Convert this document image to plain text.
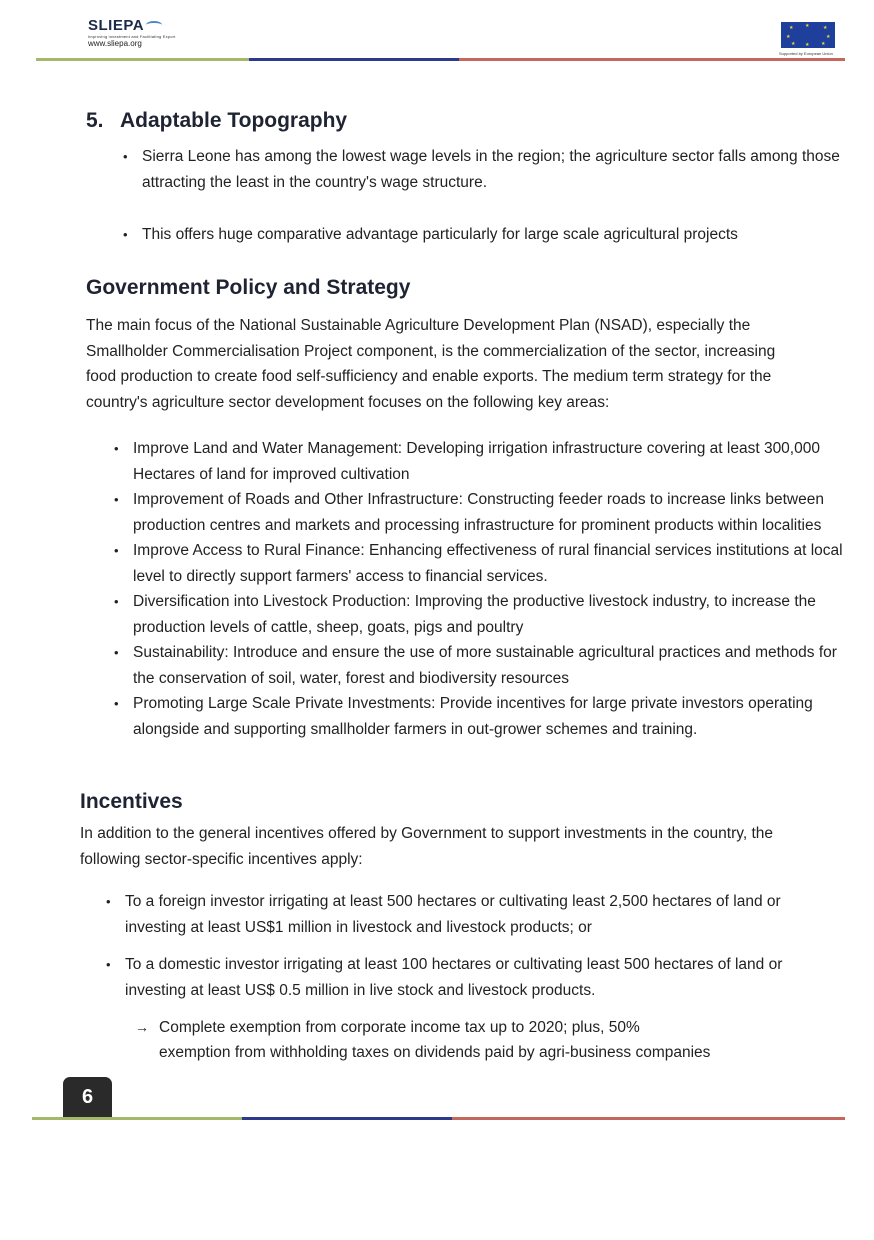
SLIEPA
Improving investment and Facilitating Export
www.sliepa.org
★ ★	★
★	★
★ ★ ★
Supported by European Union
5. Adaptable Topography
• Sierra Leone has among the lowest wage levels in the region; the agriculture sector falls among those attracting the least in the country's wage structure.
• This offers huge comparative advantage particularly for large scale agricultural projects
Government Policy and Strategy
The main focus of the National Sustainable Agriculture Development Plan (NSAD), especially the Smallholder Commercialisation Project component, is the commercialization of the sector, increasing food production to create food self-sufficiency and enable exports. The medium term strategy for the country's agriculture sector development focuses on the following key areas:
• Improve Land and Water Management: Developing irrigation infrastructure covering at least 300,000 Hectares of land for improved cultivation
• Improvement of Roads and Other Infrastructure: Constructing feeder roads to increase links between production centres and markets and processing infrastructure for prominent products within localities
• Improve Access to Rural Finance: Enhancing effectiveness of rural financial services institutions at local level to directly support farmers' access to financial services.
• Diversification into Livestock Production: Improving the productive livestock industry, to increase the production levels of cattle, sheep, goats, pigs and poultry
• Sustainability: Introduce and ensure the use of more sustainable agricultural practices and methods for the conservation of soil, water, forest and biodiversity resources
• Promoting Large Scale Private Investments: Provide incentives for large private investors operating alongside and supporting smallholder farmers in out-grower schemes and training.
Incentives
In addition to the general incentives offered by Government to support investments in the country, the following sector-specific incentives apply:
• To a foreign investor irrigating at least 500 hectares or cultivating least 2,500 hectares of land or investing at least US$1 million in livestock and livestock products; or
• To a domestic investor irrigating at least 100 hectares or cultivating least 500 hectares of land or investing at least US$ 0.5 million in live stock and livestock products.
→ Complete exemption from corporate income tax up to 2020; plus, 50%
exemption from withholding taxes on dividends paid by agri-business companies
6
